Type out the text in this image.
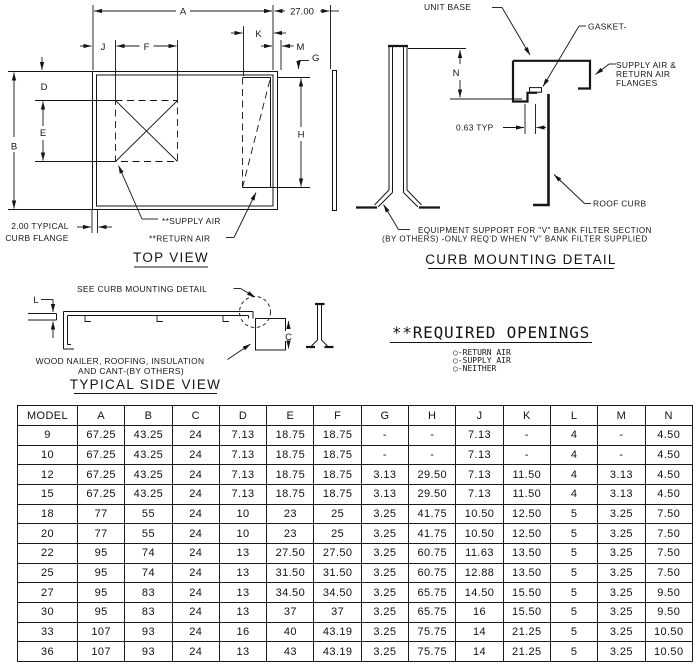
A	27.00
K
J	F	M
G
D
E
B
H
2.00 TYPICAL
CURB FLANGE
**SUPPLY AIR
**RETURN AIR
TOP VIEW
N
0.63 TYP
UNIT BASE
GASKET-
SUPPLY AIR &
RETURN AIR
FLANGES
ROOF CURB
EQUIPMENT SUPPORT FOR "V" BANK FILTER SECTION
(BY OTHERS) -ONLY REQ'D WHEN "V" BANK FILTER SUPPLIED
CURB MOUNTING DETAIL
L
C
SEE CURB MOUNTING DETAIL
WOOD NAILER, ROOFING, INSULATION
AND CANT-(BY OTHERS)
TYPICAL SIDE VIEW
**REQUIRED OPENINGS
○-RETURN AIR
○-SUPPLY AIR
○-NEITHER
MODEL	A	B	C	D	E	F	G	H	J	K	L	M	N
9	67.25	43.25	24	7.13	18.75	18.75	-	-	7.13	-	4	-	4.50
10	67.25	43.25	24	7.13	18.75	18.75	-	-	7.13	-	4	-	4.50
12	67.25	43.25	24	7.13	18.75	18.75	3.13	29.50	7.13	11.50	4	3.13	4.50
15	67.25	43.25	24	7.13	18.75	18.75	3.13	29.50	7.13	11.50	4	3.13	4.50
18	77	55	24	10	23	25	3.25	41.75	10.50	12.50	5	3.25	7.50
20	77	55	24	10	23	25	3.25	41.75	10.50	12.50	5	3.25	7.50
22	95	74	24	13	27.50	27.50	3.25	60.75	11.63	13.50	5	3.25	7.50
25	95	74	24	13	31.50	31.50	3.25	60.75	12.88	13.50	5	3.25	7.50
27	95	83	24	13	34.50	34.50	3.25	65.75	14.50	15.50	5	3.25	9.50
30	95	83	24	13	37	37	3.25	65.75	16	15.50	5	3.25	9.50
33	107	93	24	16	40	43.19	3.25	75.75	14	21.25	5	3.25	10.50
36	107	93	24	13	43	43.19	3.25	75.75	14	21.25	5	3.25	10.50
